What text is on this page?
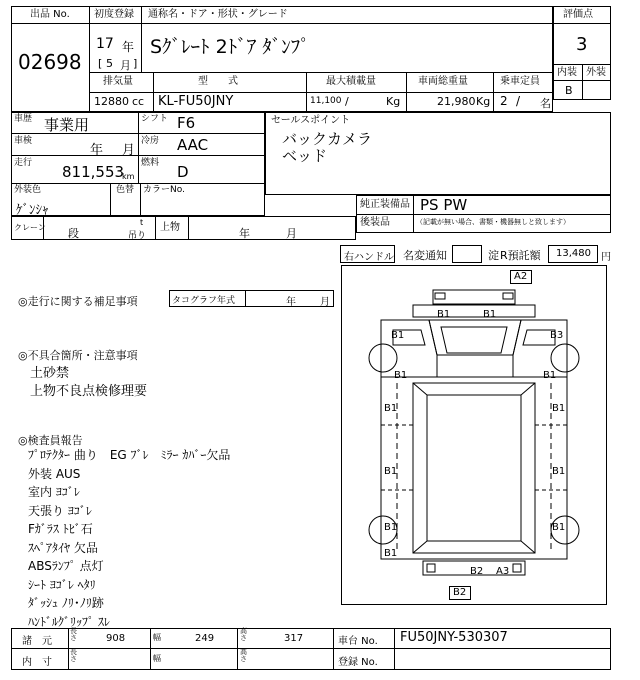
出品 No. 初度登録 通称名・ドア・形状・グレード
02698
17 年
[ 5 月 ]
Sｸﾞﾚｰﾄ 2ﾄﾞｱ ﾀﾞﾝﾌﾟ
評価点
3
内装 外装
B
排気量	型　　式	最大積載量	車両総重量	乗車定員
12880 cc KL-FU50JNY	11,100 /	Kg	21,980 Kg 2 / 名
車歴 事業用	シフト F6
車検
年 月
冷房 AAC
走行 811,553
km
燃料 D
外装色
ｹﾞﾝｼｬ
色替 カラーNo.
セールスポイント
バックカメラ
ベッド
純正装備品 PS PW
後装品	（記載が無い場合、書類・機器無しと致します）
クレーン 段
t
吊り
上物	年	月
右ハンドル 名変通知	淀 R預託額 13,480 円
◎走行に関する補足事項	タコグラフ年式	年 月
◎不具合箇所・注意事項
土砂禁
上物不良点検修理要
◎検査員報告
ﾌﾟﾛﾃｸﾀｰ 曲り　EG ﾌﾞﾚ　ﾐﾗｰ ｶﾊﾞｰ欠品
外装 AUS
室内 ﾖｺﾞﾚ
天張り ﾖｺﾞﾚ
Fｶﾞﾗｽ ﾄﾋﾞ石
ｽﾍﾟｱﾀｲﾔ 欠品
ABSﾗﾝﾌﾟ 点灯
ｼｰﾄ ﾖｺﾞﾚ ﾍﾀﾘ
ﾀﾞｯｼｭ ﾉﾘ･ﾉﾘ跡
ﾊﾝﾄﾞﾙｸﾞﾘｯﾌﾟ ｽﾚ
A2
B1	B1
B1	B3
B1	B1
B1	B1
B1	B1
B1	B1
B1
B2 A3
B2
諸　元
長さ	908	幅	249
高さ	317	車台 No. FU50JNY-530307
内　寸
長さ	幅
高さ	登録 No.
